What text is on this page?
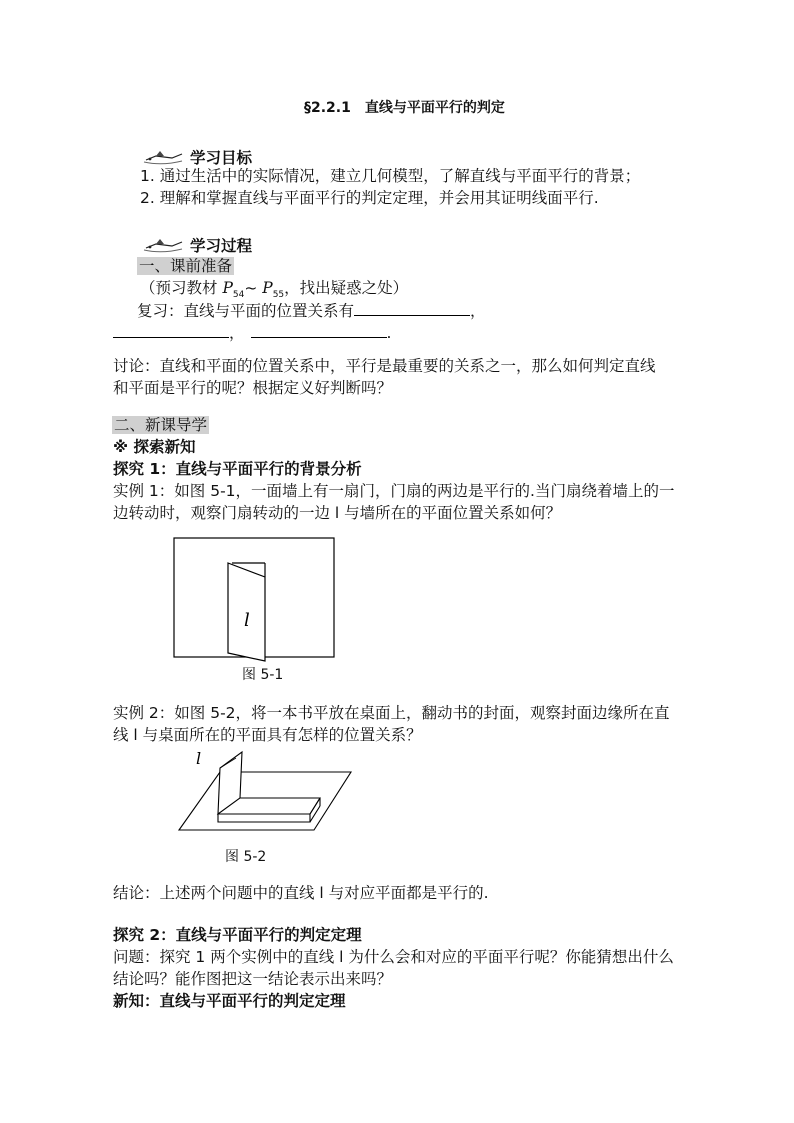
§2.2.1　直线与平面平行的判定
学习目标
1. 通过生活中的实际情况，建立几何模型，了解直线与平面平行的背景；
2. 理解和掌握直线与平面平行的判定定理，并会用其证明线面平行.
学习过程
一、课前准备
（预习教材 $P_{54}\sim$ $P_{55}$，找出疑惑之处）
复习：直线与平面的位置关系有	，
，	.
讨论：直线和平面的位置关系中，平行是最重要的关系之一，那么如何判定直线
和平面是平行的呢？根据定义好判断吗？
二、新课导学
※ 探索新知
探究 1：直线与平面平行的背景分析
实例 1：如图 5-1，一面墙上有一扇门，门扇的两边是平行的.当门扇绕着墙上的一
边转动时，观察门扇转动的一边 l 与墙所在的平面位置关系如何？
l
图 5-1
实例 2：如图 5-2，将一本书平放在桌面上，翻动书的封面，观察封面边缘所在直
线 l 与桌面所在的平面具有怎样的位置关系？
l
图 5-2
结论：上述两个问题中的直线 l 与对应平面都是平行的.
探究 2：直线与平面平行的判定定理
问题：探究 1 两个实例中的直线 l 为什么会和对应的平面平行呢？你能猜想出什么
结论吗？能作图把这一结论表示出来吗？
新知：直线与平面平行的判定定理
